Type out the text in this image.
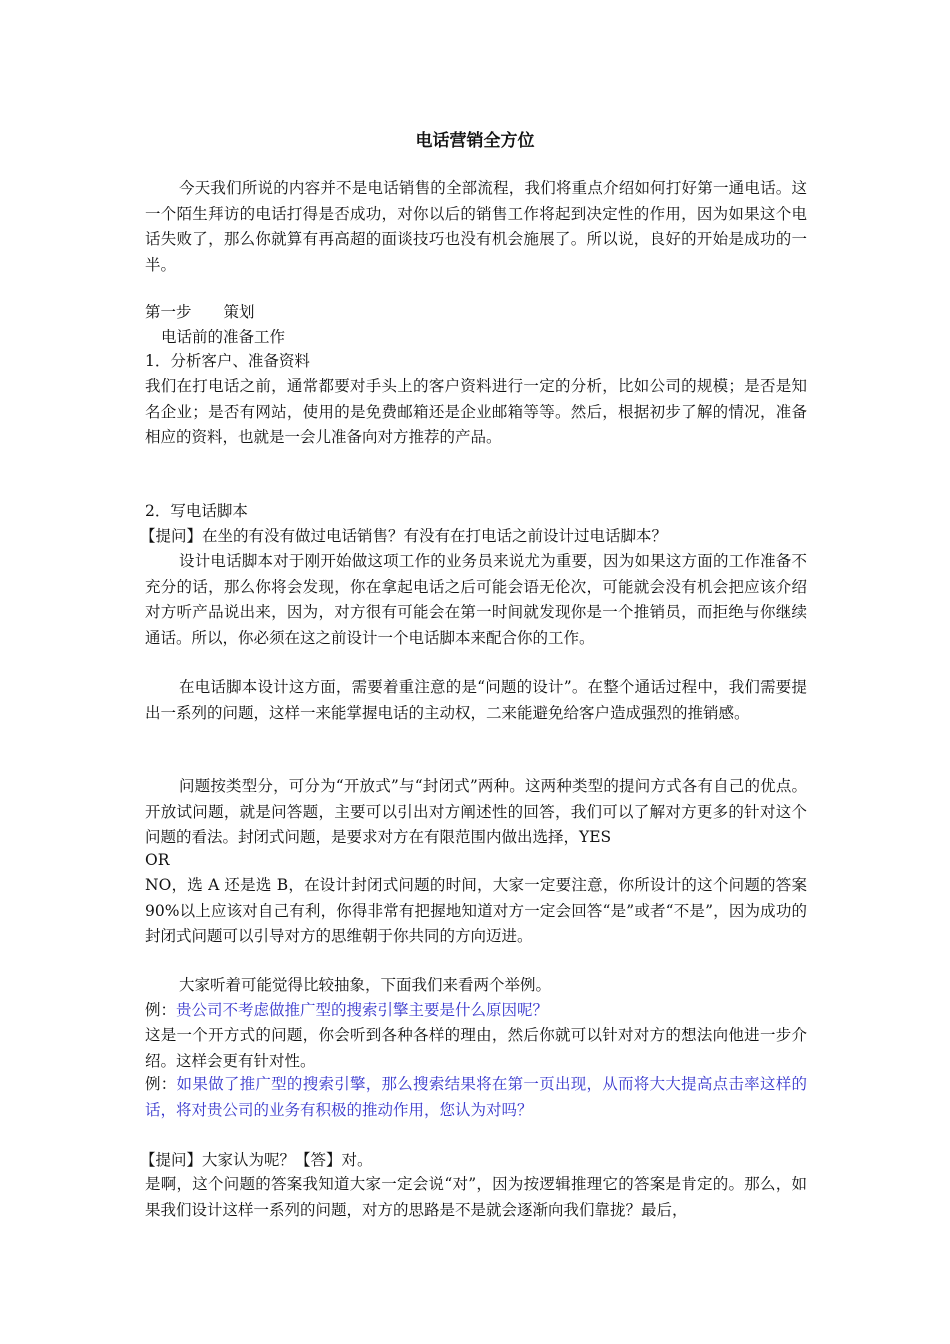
电话营销全方位
今天我们所说的内容并不是电话销售的全部流程，我们将重点介绍如何打好第一通电话。这一个陌生拜访的电话打得是否成功，对你以后的销售工作将起到决定性的作用，因为如果这个电话失败了，那么你就算有再高超的面谈技巧也没有机会施展了。所以说，良好的开始是成功的一半。
第一步 策划
电话前的准备工作
1．分析客户、准备资料
我们在打电话之前，通常都要对手头上的客户资料进行一定的分析，比如公司的规模；是否是知名企业；是否有网站，使用的是免费邮箱还是企业邮箱等等。然后，根据初步了解的情况，准备相应的资料，也就是一会儿准备向对方推荐的产品。
2．写电话脚本
【提问】在坐的有没有做过电话销售？有没有在打电话之前设计过电话脚本？
设计电话脚本对于刚开始做这项工作的业务员来说尤为重要，因为如果这方面的工作准备不充分的话，那么你将会发现，你在拿起电话之后可能会语无伦次，可能就会没有机会把应该介绍对方听产品说出来，因为，对方很有可能会在第一时间就发现你是一个推销员，而拒绝与你继续通话。所以，你必须在这之前设计一个电话脚本来配合你的工作。
在电话脚本设计这方面，需要着重注意的是“问题的设计”。在整个通话过程中，我们需要提出一系列的问题，这样一来能掌握电话的主动权，二来能避免给客户造成强烈的推销感。
问题按类型分，可分为“开放式”与“封闭式”两种。这两种类型的提问方式各有自己的优点。开放试问题，就是问答题，主要可以引出对方阐述性的回答，我们可以了解对方更多的针对这个问题的看法。封闭式问题，是要求对方在有限范围内做出选择，YES
OR
NO，选 A 还是选 B，在设计封闭式问题的时间，大家一定要注意，你所设计的这个问题的答案 90%以上应该对自己有利，你得非常有把握地知道对方一定会回答“是”或者“不是”，因为成功的封闭式问题可以引导对方的思维朝于你共同的方向迈进。
大家听着可能觉得比较抽象，下面我们来看两个举例。
例：贵公司不考虑做推广型的搜索引擎主要是什么原因呢？
这是一个开方式的问题，你会听到各种各样的理由，然后你就可以针对对方的想法向他进一步介绍。这样会更有针对性。
例：如果做了推广型的搜索引擎，那么搜索结果将在第一页出现，从而将大大提高点击率这样的话，将对贵公司的业务有积极的推动作用，您认为对吗？
【提问】大家认为呢？【答】对。
是啊，这个问题的答案我知道大家一定会说“对”，因为按逻辑推理它的答案是肯定的。那么，如果我们设计这样一系列的问题，对方的思路是不是就会逐渐向我们靠拢？最后，
